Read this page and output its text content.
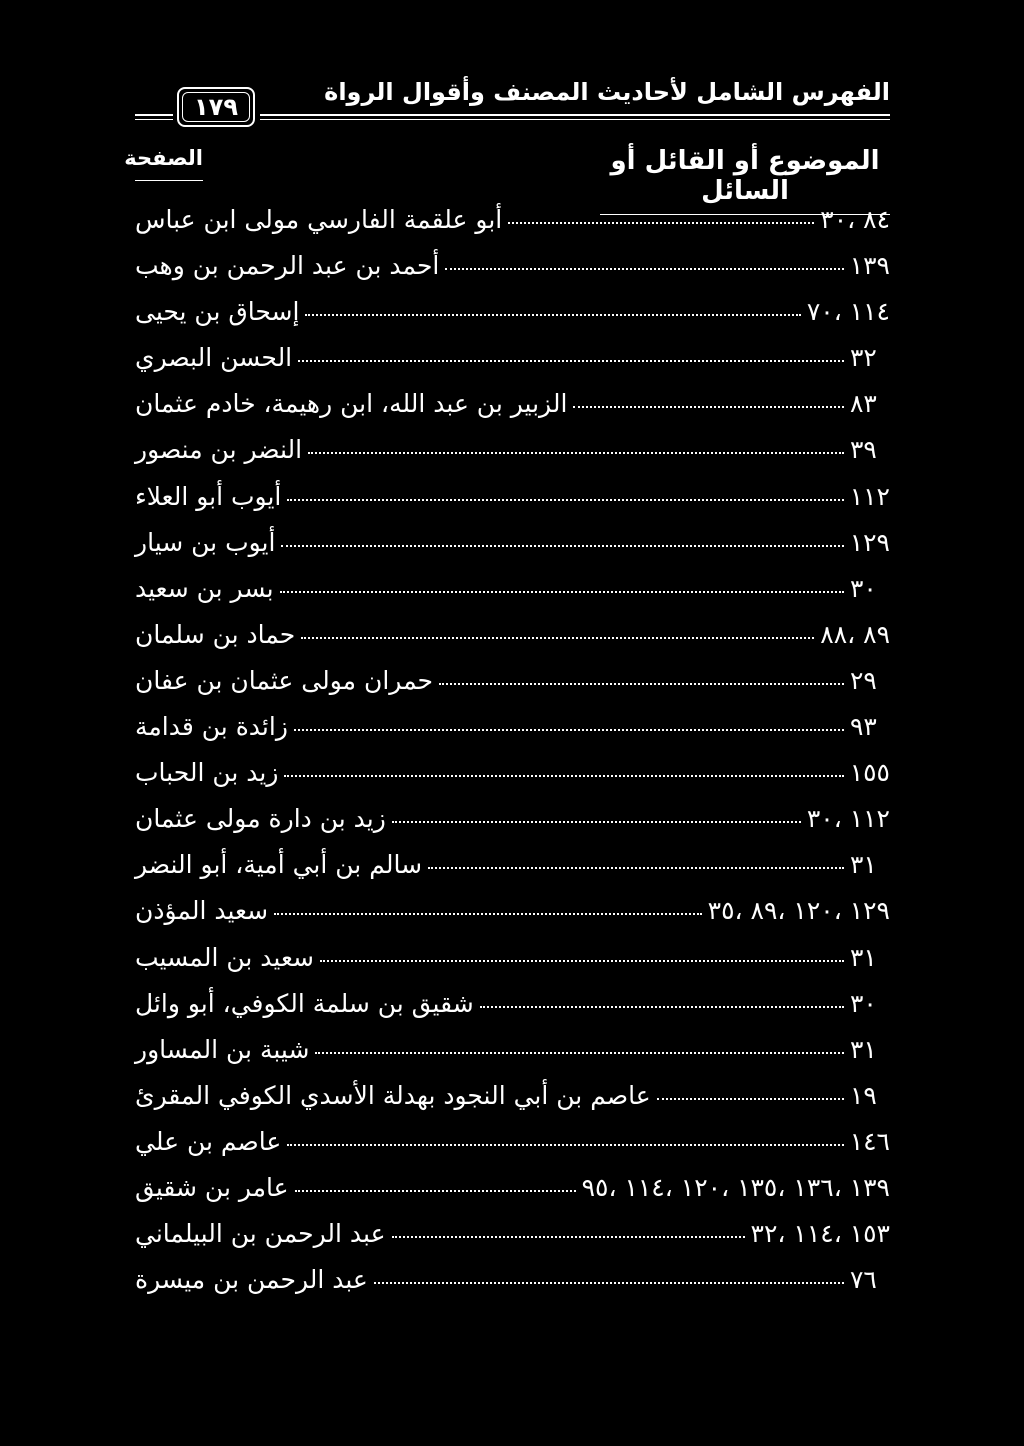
الفهرس الشامل لأحاديث المصنف وأقوال الرواة
١٧٩
الموضوع أو القائل أو السائل
الصفحة
أبو علقمة الفارسي مولى ابن عباس	٨٤ ،٣٠
أحمد بن عبد الرحمن بن وهب	١٣٩
إسحاق بن يحيى	١١٤ ،٧٠
الحسن البصري	٣٢
الزبير بن عبد الله، ابن رهيمة، خادم عثمان	٨٣
النضر بن منصور	٣٩
أيوب أبو العلاء	١١٢
أيوب بن سيار	١٢٩
بسر بن سعيد	٣٠
حماد بن سلمان	٨٩ ،٨٨
حمران مولى عثمان بن عفان	٢٩
زائدة بن قدامة	٩٣
زيد بن الحباب	١٥٥
زيد بن دارة مولى عثمان	١١٢ ،٣٠
سالم بن أبي أمية، أبو النضر	٣١
سعيد المؤذن	١٢٩ ،١٢٠ ،٨٩ ،٣٥
سعيد بن المسيب	٣١
شقيق بن سلمة الكوفي، أبو وائل	٣٠
شيبة بن المساور	٣١
عاصم بن أبي النجود بهدلة الأسدي الكوفي المقرئ	١٩
عاصم بن علي	١٤٦
عامر بن شقيق	١٣٩ ،١٣٦ ،١٣٥ ،١٢٠ ،١١٤ ،٩٥
عبد الرحمن بن البيلماني	١٥٣ ،١١٤ ،٣٢
عبد الرحمن بن ميسرة	٧٦
